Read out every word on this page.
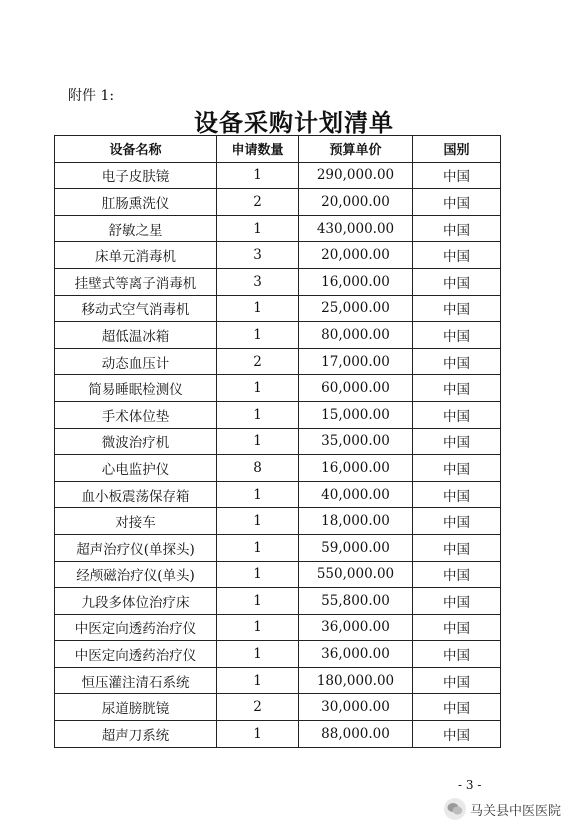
附件 1:
设备采购计划清单
设备名称	申请数量	预算单价	国别
电子皮肤镜	1	290,000.00	中国
肛肠熏洗仪	2	20,000.00	中国
舒敏之星	1	430,000.00	中国
床单元消毒机	3	20,000.00	中国
挂壁式等离子消毒机	3	16,000.00	中国
移动式空气消毒机	1	25,000.00	中国
超低温冰箱	1	80,000.00	中国
动态血压计	2	17,000.00	中国
简易睡眠检测仪	1	60,000.00	中国
手术体位垫	1	15,000.00	中国
微波治疗机	1	35,000.00	中国
心电监护仪	8	16,000.00	中国
血小板震荡保存箱	1	40,000.00	中国
对接车	1	18,000.00	中国
超声治疗仪(单探头)	1	59,000.00	中国
经颅磁治疗仪(单头)	1	550,000.00	中国
九段多体位治疗床	1	55,800.00	中国
中医定向透药治疗仪	1	36,000.00	中国
中医定向透药治疗仪	1	36,000.00	中国
恒压灌注清石系统	1	180,000.00	中国
尿道膀胱镜	2	30,000.00	中国
超声刀系统	1	88,000.00	中国
- 3 -
马关县中医医院
